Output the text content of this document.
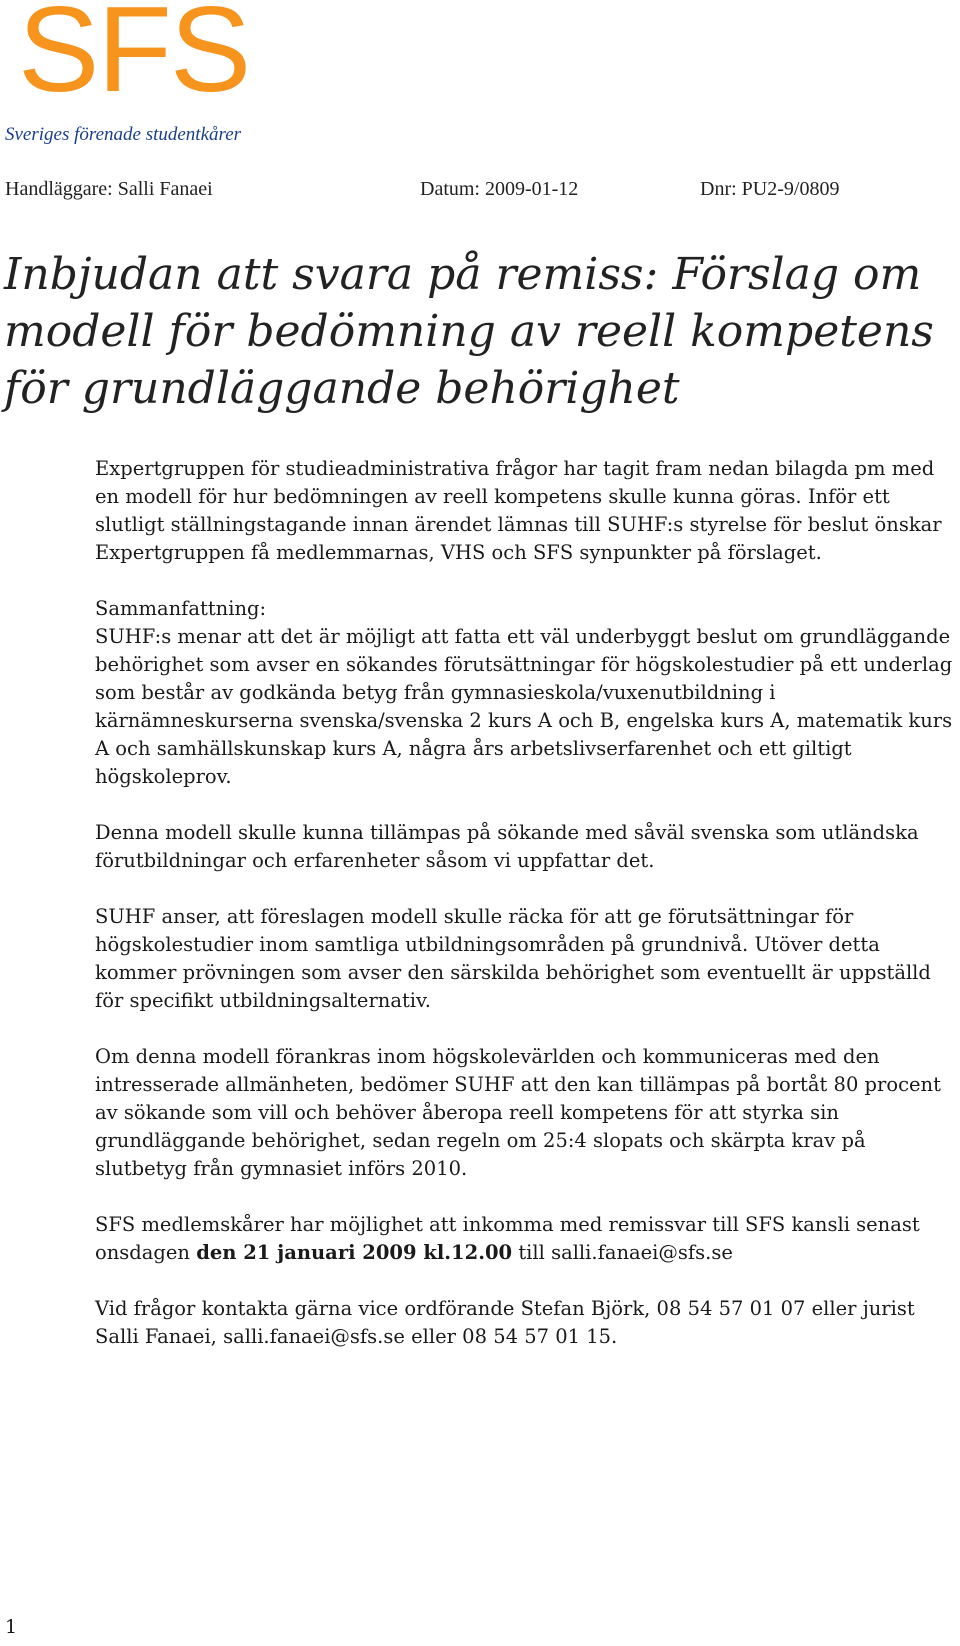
SFS

Sveriges förenade studentkårer

Handläggare: Salli Fanaei	Datum: 2009-01-12	Dnr: PU2-9/0809
Inbjudan att svara på remiss: Förslag om modell för bedömning av reell kompetens för grundläggande behörighet

Expertgruppen för studieadministrativa frågor har tagit fram nedan bilagda pm med en modell för hur bedömningen av reell kompetens skulle kunna göras. Inför ett slutligt ställningstagande innan ärendet lämnas till SUHF:s styrelse för beslut önskar Expertgruppen få medlemmarnas, VHS och SFS synpunkter på förslaget.

Sammanfattning:

SUHF:s menar att det är möjligt att fatta ett väl underbyggt beslut om grundläggande behörighet som avser en sökandes förutsättningar för högskolestudier på ett underlag som består av godkända betyg från gymnasieskola/vuxenutbildning i kärnämneskurserna svenska/svenska 2 kurs A och B, engelska kurs A, matematik kurs A och samhällskunskap kurs A, några års arbetslivserfarenhet och ett giltigt högskoleprov.

Denna modell skulle kunna tillämpas på sökande med såväl svenska som utländska förutbildningar och erfarenheter såsom vi uppfattar det.

SUHF anser, att föreslagen modell skulle räcka för att ge förutsättningar för högskolestudier inom samtliga utbildningsområden på grundnivå. Utöver detta kommer prövningen som avser den särskilda behörighet som eventuellt är uppställd för specifikt utbildningsalternativ.

Om denna modell förankras inom högskolevärlden och kommuniceras med den intresserade allmänheten, bedömer SUHF att den kan tillämpas på bortåt 80 procent av sökande som vill och behöver åberopa reell kompetens för att styrka sin grundläggande behörighet, sedan regeln om 25:4 slopats och skärpta krav på slutbetyg från gymnasiet införs 2010.

SFS medlemskårer har möjlighet att inkomma med remissvar till SFS kansli senast onsdagen den 21 januari 2009 kl.12.00 till salli.fanaei@sfs.se

Vid frågor kontakta gärna vice ordförande Stefan Björk, 08 54 57 01 07 eller jurist Salli Fanaei, salli.fanaei@sfs.se eller 08 54 57 01 15.

1
